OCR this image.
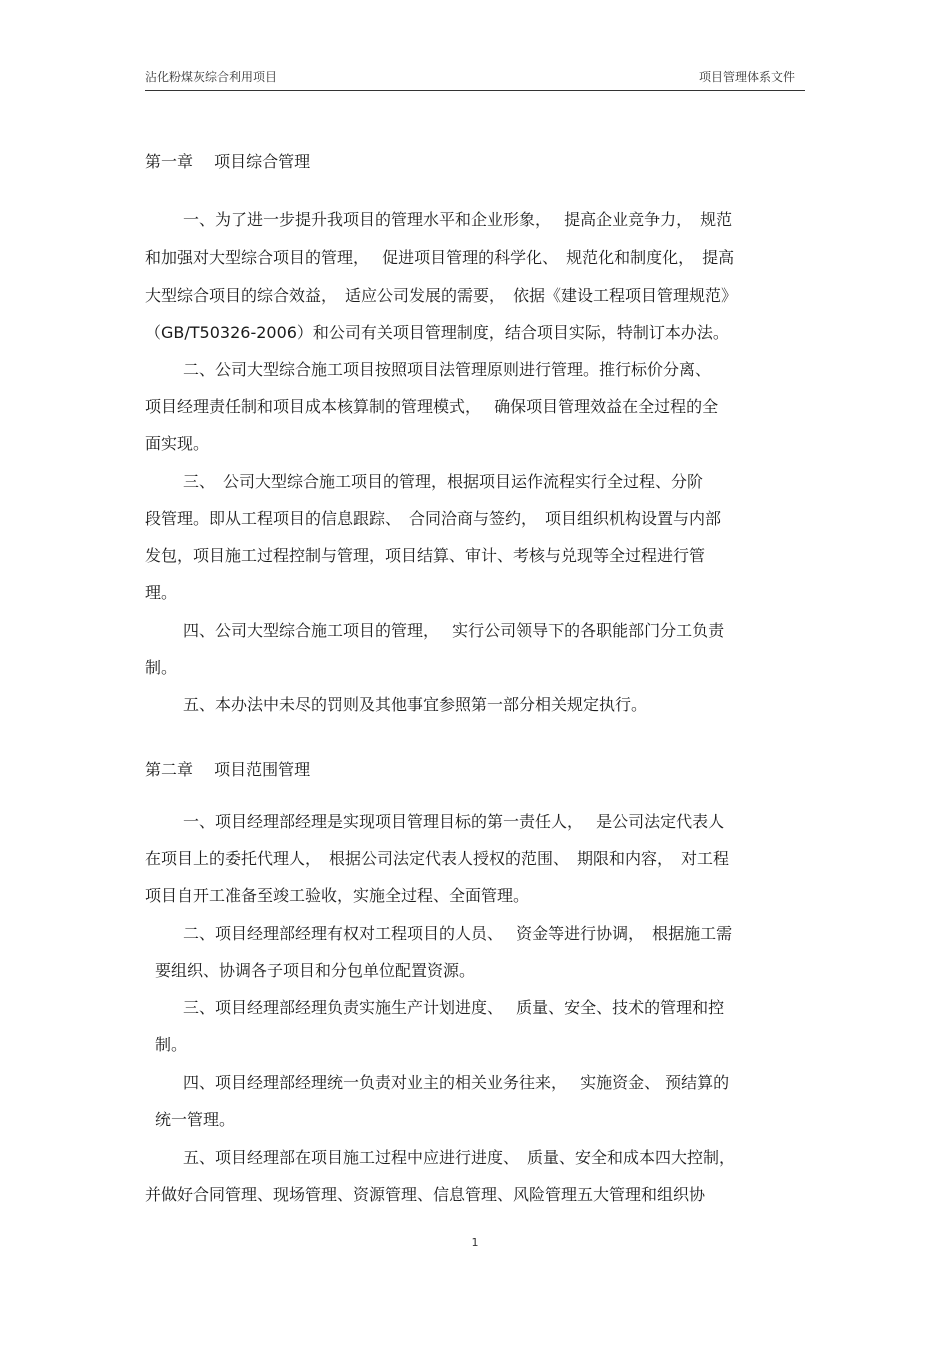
沾化粉煤灰综合利用项目	项目管理体系文件
第一章　 项目综合管理
一、为了进一步提升我项目的管理水平和企业形象，　 提高企业竞争力，　规范
和加强对大型综合项目的管理，　 促进项目管理的科学化、　规范化和制度化，　提高
大型综合项目的综合效益，　适应公司发展的需要，　依据《建设工程项目管理规范》
（GB/T50326-2006）和公司有关项目管理制度，结合项目实际，特制订本办法。
二、公司大型综合施工项目按照项目法管理原则进行管理。推行标价分离、
项目经理责任制和项目成本核算制的管理模式，　 确保项目管理效益在全过程的全
面实现。
三、　公司大型综合施工项目的管理，根据项目运作流程实行全过程、分阶
段管理。即从工程项目的信息跟踪、　合同洽商与签约，　项目组织机构设置与内部
发包，项目施工过程控制与管理，项目结算、审计、考核与兑现等全过程进行管
理。
四、公司大型综合施工项目的管理，　 实行公司领导下的各职能部门分工负责
制。
五、本办法中未尽的罚则及其他事宜参照第一部分相关规定执行。
第二章　 项目范围管理
一、项目经理部经理是实现项目管理目标的第一责任人，　 是公司法定代表人
在项目上的委托代理人，　根据公司法定代表人授权的范围、　期限和内容，　对工程
项目自开工准备至竣工验收，实施全过程、全面管理。
二、项目经理部经理有权对工程项目的人员、　 资金等进行协调，　根据施工需
要组织、协调各子项目和分包单位配置资源。
三、项目经理部经理负责实施生产计划进度、　 质量、安全、技术的管理和控
制。
四、项目经理部经理统一负责对业主的相关业务往来，　 实施资金、 预结算的
统一管理。
五、项目经理部在项目施工过程中应进行进度、　质量、安全和成本四大控制，
并做好合同管理、现场管理、资源管理、信息管理、风险管理五大管理和组织协
1
